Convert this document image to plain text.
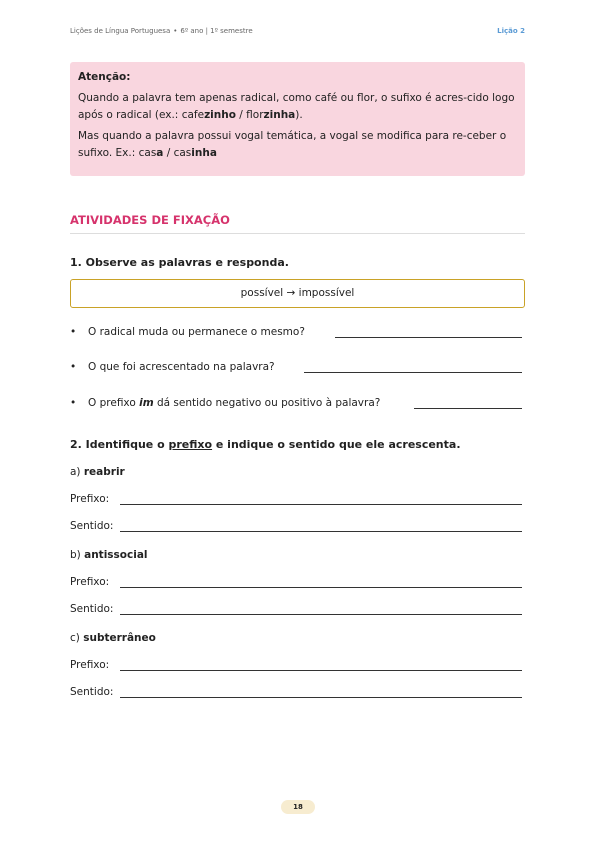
Lições de Língua Portuguesa • 6º ano | 1º semestre	Lição 2
Atenção:

Quando a palavra tem apenas radical, como café ou flor, o sufixo é acres-cido logo após o radical (ex.: cafezinho / florzinha).

Mas quando a palavra possui vogal temática, a vogal se modifica para re-ceber o sufixo. Ex.: casa / casinha

ATIVIDADES DE FIXAÇÃO
1. Observe as palavras e responda.
possível → impossível
• O radical muda ou permanece o mesmo?
• O que foi acrescentado na palavra?
• O prefixo im dá sentido negativo ou positivo à palavra?
2. Identifique o prefixo e indique o sentido que ele acrescenta.
a) reabrir
Prefixo:
Sentido:
b) antissocial
Prefixo:
Sentido:
c) subterrâneo
Prefixo:
Sentido:
18
